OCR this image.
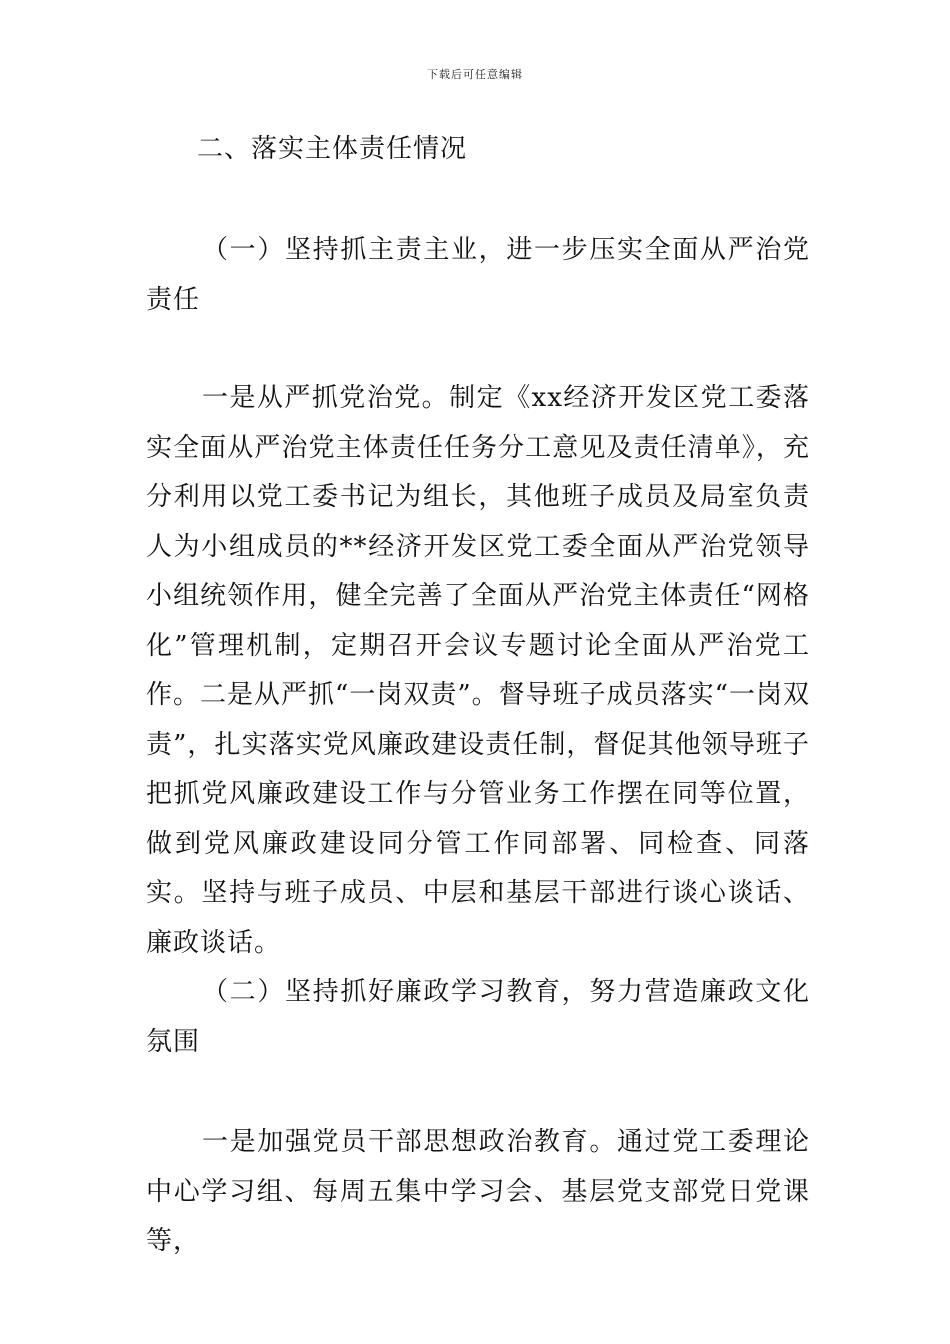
下载后可任意编辑
二、落实主体责任情况
（一）坚持抓主责主业，进一步压实全面从严治党责任
一是从严抓党治党。制定《xx经济开发区党工委落实全面从严治党主体责任任务分工意见及责任清单》，充分利用以党工委书记为组长，其他班子成员及局室负责人为小组成员的**经济开发区党工委全面从严治党领导小组统领作用，健全完善了全面从严治党主体责任“网格化”管理机制，定期召开会议专题讨论全面从严治党工作。二是从严抓“一岗双责”。督导班子成员落实“一岗双责”，扎实落实党风廉政建设责任制，督促其他领导班子把抓党风廉政建设工作与分管业务工作摆在同等位置，做到党风廉政建设同分管工作同部署、同检查、同落实。坚持与班子成员、中层和基层干部进行谈心谈话、廉政谈话。
（二）坚持抓好廉政学习教育，努力营造廉政文化氛围
一是加强党员干部思想政治教育。通过党工委理论中心学习组、每周五集中学习会、基层党支部党日党课等，
